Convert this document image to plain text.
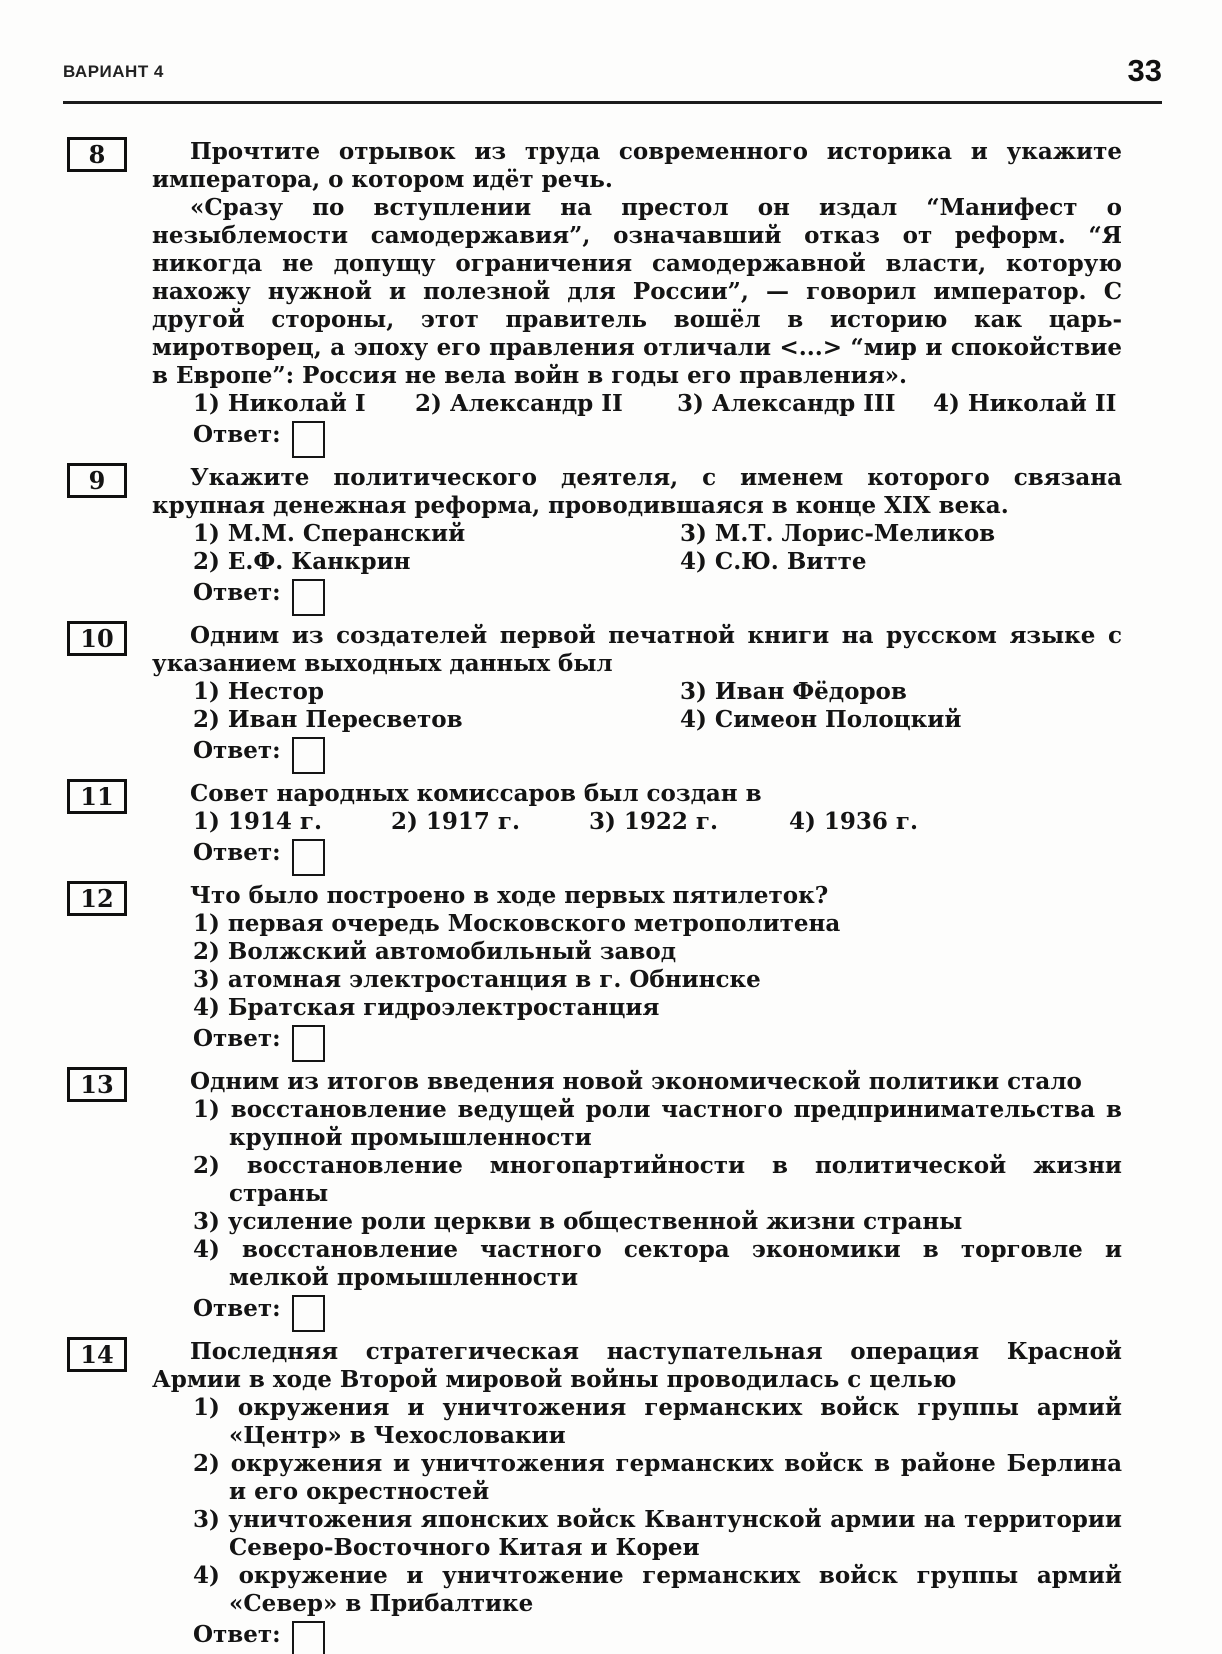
ВАРИАНТ 4	33
8	Прочтите отрывок из труда современного историка и укажите императора, о котором идёт речь.

«Сразу по вступлении на престол он издал “Манифест о незыблемости самодержавия”, означавший отказ от реформ. “Я никогда не допущу ограничения самодержавной власти, которую нахожу нужной и полезной для России”, — говорил император. С другой стороны, этот правитель вошёл в историю как царь-миротворец, а эпоху его правления отличали <...> “мир и спокойствие в Европе”: Россия не вела войн в годы его правления».

1) Николай I	2) Александр II	3) Александр III	4) Николай II
Ответ:
9	Укажите политического деятеля, с именем которого связана крупная денежная реформа, проводившаяся в конце XIX века.

1) М.М. Сперанский	3) М.Т. Лорис-Меликов
2) Е.Ф. Канкрин	4) С.Ю. Витте
Ответ:
10	Одним из создателей первой печатной книги на русском языке с указанием выходных данных был

1) Нестор	3) Иван Фёдоров
2) Иван Пересветов	4) Симеон Полоцкий
Ответ:
11	Совет народных комиссаров был создан в

1) 1914 г.	2) 1917 г.	3) 1922 г.	4) 1936 г.
Ответ:
12	Что было построено в ходе первых пятилеток?

1) первая очередь Московского метрополитена
2) Волжский автомобильный завод
3) атомная электростанция в г. Обнинске
4) Братская гидроэлектростанция
Ответ:
13	Одним из итогов введения новой экономической политики стало

1) восстановление ведущей роли частного предпринимательства в крупной промышленности
2) восстановление многопартийности в политической жизни страны
3) усиление роли церкви в общественной жизни страны
4) восстановление частного сектора экономики в торговле и мелкой промышленности
Ответ:
14	Последняя стратегическая наступательная операция Красной Армии в ходе Второй мировой войны проводилась с целью

1) окружения и уничтожения германских войск группы армий «Центр» в Чехословакии
2) окружения и уничтожения германских войск в районе Берлина и его окрестностей
3) уничтожения японских войск Квантунской армии на территории Северо-Восточного Китая и Кореи
4) окружение и уничтожение германских войск группы армий «Север» в Прибалтике
Ответ:
